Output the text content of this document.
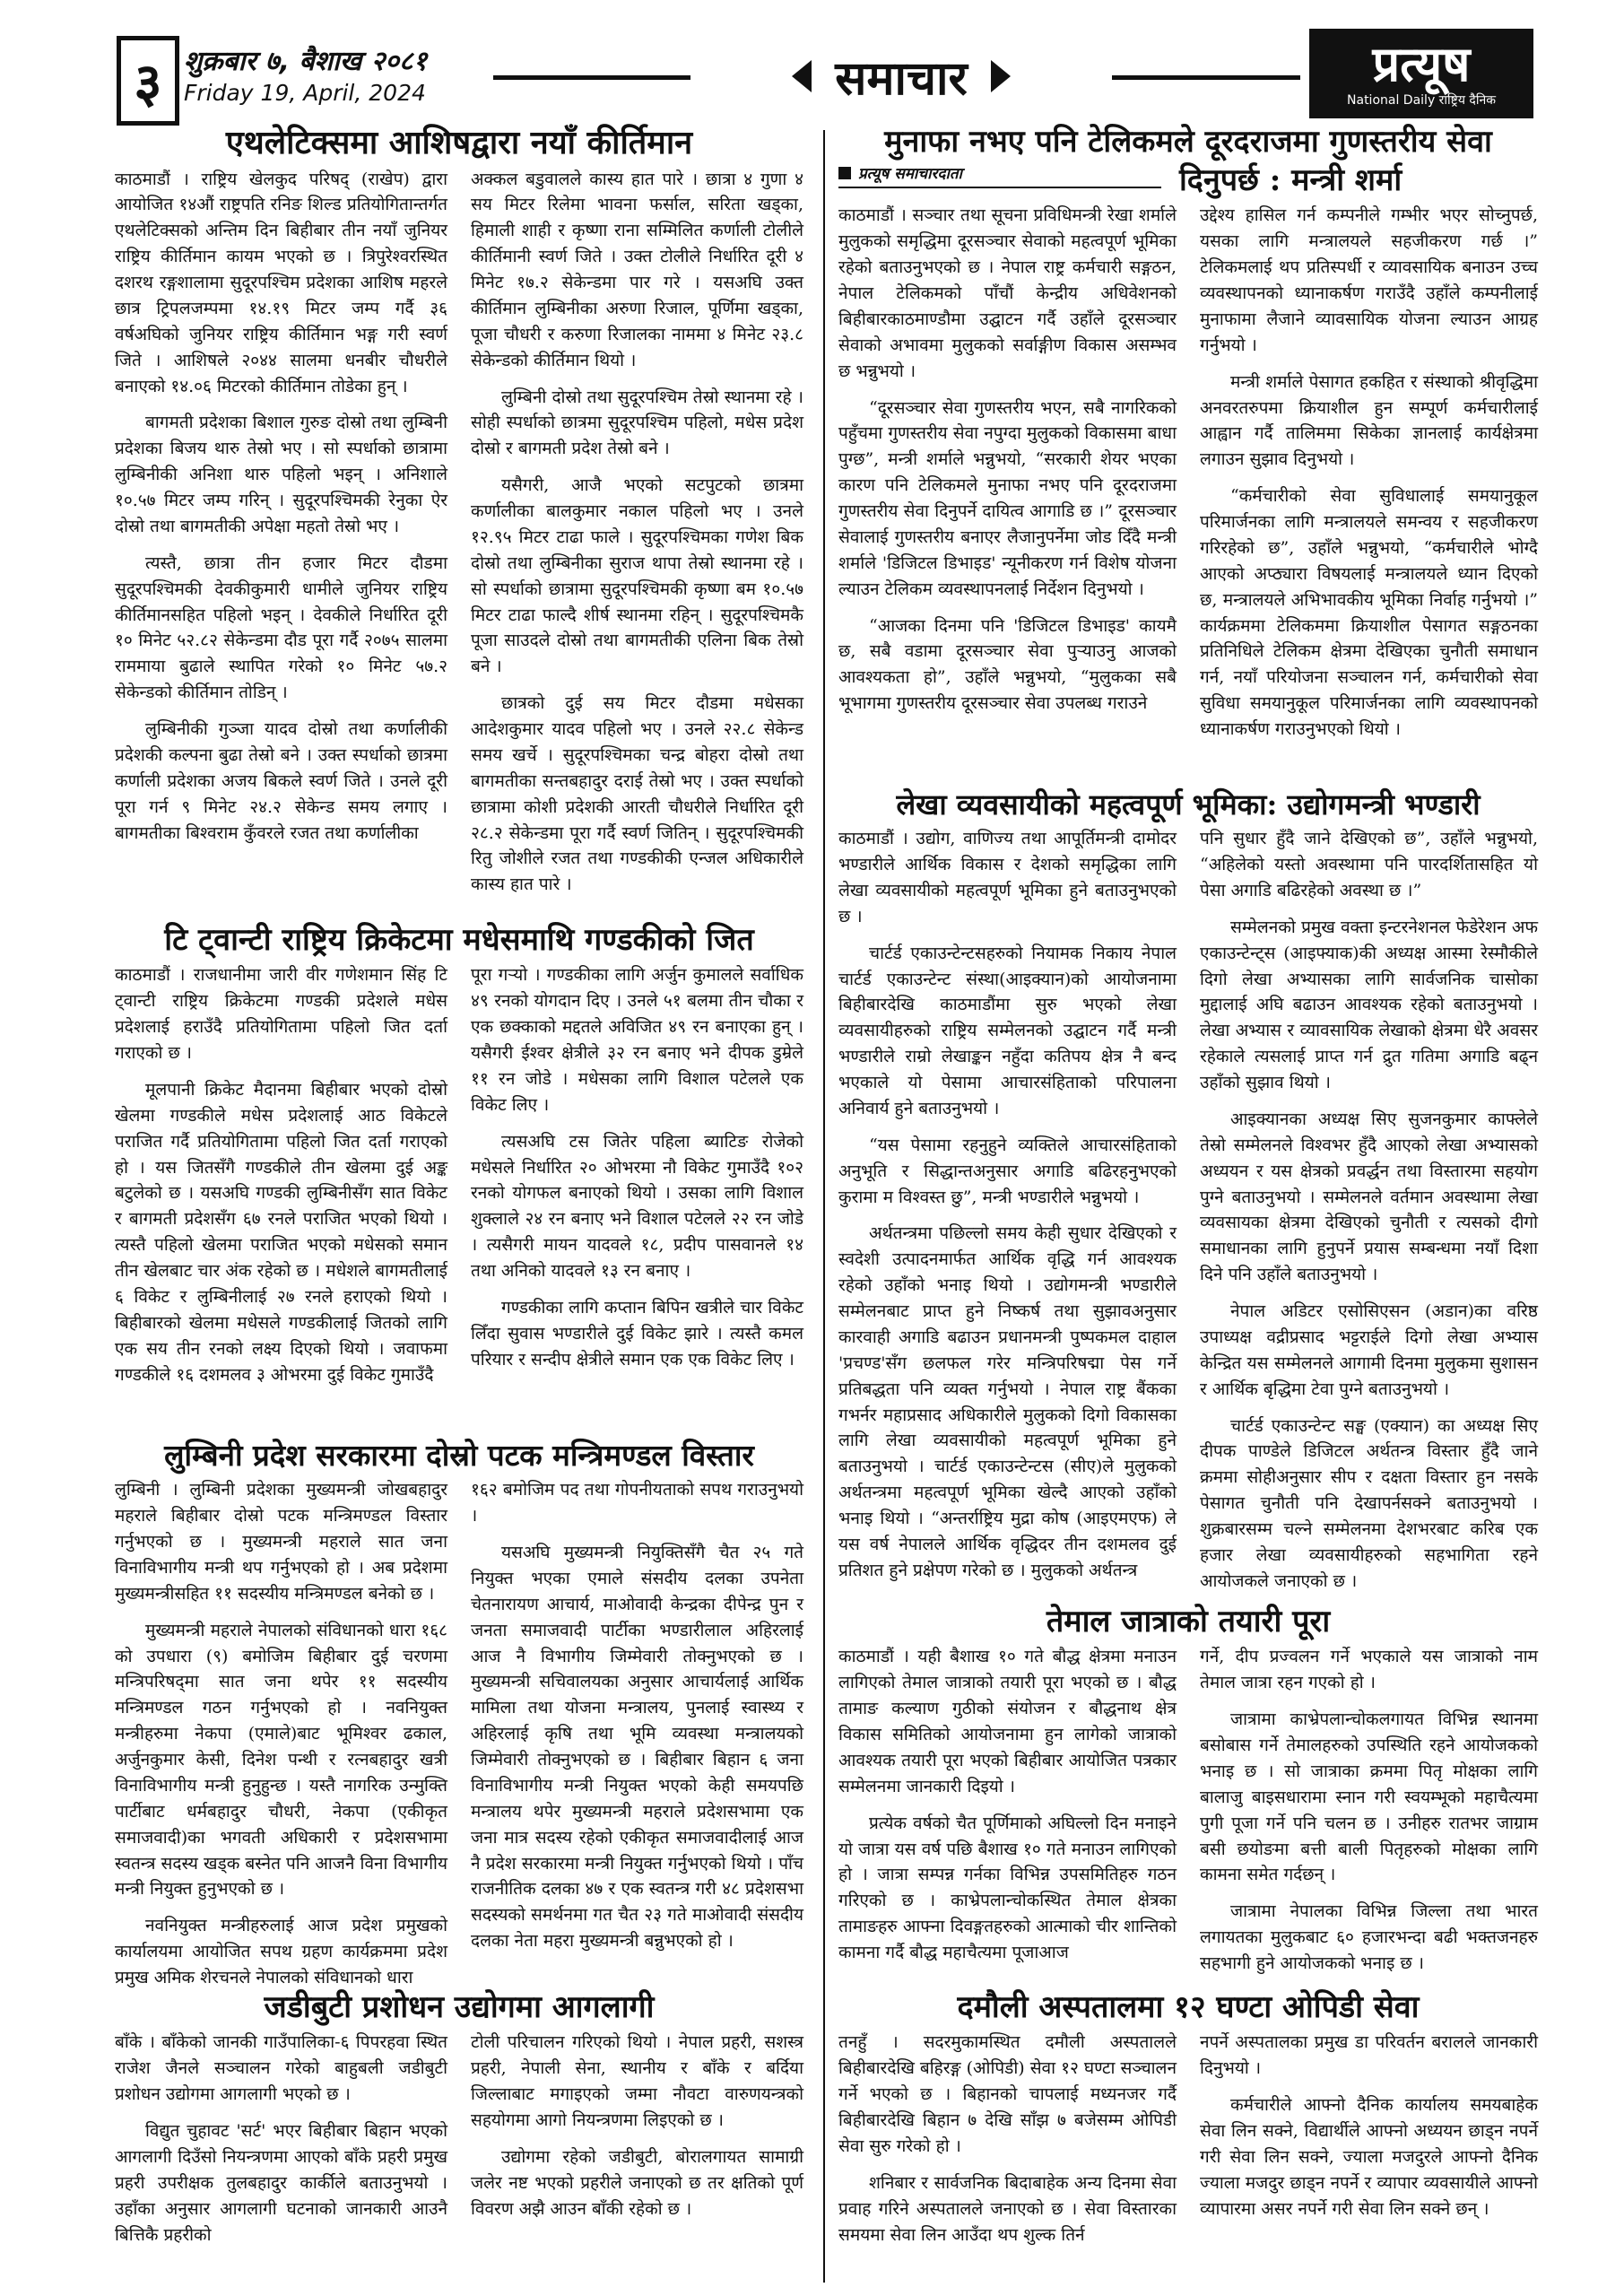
३ शुक्रबार ७, बैशाख २०८१
Friday 19, April, 2024	समाचार	प्रत्यूष
National Daily राष्ट्रिय दैनिक
एथलेटिक्समा आशिषद्वारा नयाँ कीर्तिमान

काठमाडौं । राष्ट्रिय खेलकुद परिषद् (राखेप) द्वारा आयोजित १४औं राष्ट्रपति रनिङ शिल्ड प्रतियोगितान्तर्गत एथलेटिक्सको अन्तिम दिन बिहीबार तीन नयाँ जुनियर राष्ट्रिय कीर्तिमान कायम भएको छ । त्रिपुरेश्वरस्थित दशरथ रङ्गशालामा सुदूरपश्चिम प्रदेशका आशिष महरले छात्र ट्रिपलजम्पमा १४.१९ मिटर जम्प गर्दै ३६ वर्षअघिको जुनियर राष्ट्रिय कीर्तिमान भङ्ग गरी स्वर्ण जिते । आशिषले २०४४ सालमा धनबीर चौधरीले बनाएको १४.०६ मिटरको कीर्तिमान तोडेका हुन् ।

बागमती प्रदेशका बिशाल गुरुङ दोस्रो तथा लुम्बिनी प्रदेशका बिजय थारु तेस्रो भए । सो स्पर्धाको छात्रामा लुम्बिनीकी अनिशा थारु पहिलो भइन् । अनिशाले १०.५७ मिटर जम्प गरिन् । सुदूरपश्चिमकी रेनुका ऐर दोस्रो तथा बागमतीकी अपेक्षा महतो तेस्रो भए ।

त्यस्तै, छात्रा तीन हजार मिटर दौडमा सुदूरपश्चिमकी देवकीकुमारी धामीले जुनियर राष्ट्रिय कीर्तिमानसहित पहिलो भइन् । देवकीले निर्धारित दूरी १० मिनेट ५२.८२ सेकेन्डमा दौड पूरा गर्दै २०७५ सालमा राममाया बुढाले स्थापित गरेको १० मिनेट ५७.२ सेकेन्डको कीर्तिमान तोडिन् ।

लुम्बिनीकी गुञ्जा यादव दोस्रो तथा कर्णालीकी प्रदेशकी कल्पना बुढा तेस्रो बने । उक्त स्पर्धाको छात्रमा कर्णाली प्रदेशका अजय बिकले स्वर्ण जिते । उनले दूरी पूरा गर्न ९ मिनेट २४.२ सेकेन्ड समय लगाए । बागमतीका बिश्वराम कुँवरले रजत तथा कर्णालीका

अक्कल बडुवालले कास्य हात पारे । छात्रा ४ गुणा ४ सय मिटर रिलेमा भावना फर्साल, सरिता खड्का, हिमाली शाही र कृष्णा राना सम्मिलित कर्णाली टोलीले कीर्तिमानी स्वर्ण जिते । उक्त टोलीले निर्धारित दूरी ४ मिनेट १७.२ सेकेन्डमा पार गरे । यसअघि उक्त कीर्तिमान लुम्बिनीका अरुणा रिजाल, पूर्णिमा खड्का, पूजा चौधरी र करुणा रिजालका नाममा ४ मिनेट २३.८ सेकेन्डको कीर्तिमान थियो ।

लुम्बिनी दोस्रो तथा सुदूरपश्चिम तेस्रो स्थानमा रहे । सोही स्पर्धाको छात्रमा सुदूरपश्चिम पहिलो, मधेस प्रदेश दोस्रो र बागमती प्रदेश तेस्रो बने ।

यसैगरी, आजै भएको सटपुटको छात्रमा कर्णालीका बालकुमार नकाल पहिलो भए । उनले १२.९५ मिटर टाढा फाले । सुदूरपश्चिमका गणेश बिक दोस्रो तथा लुम्बिनीका सुराज थापा तेस्रो स्थानमा रहे । सो स्पर्धाको छात्रामा सुदूरपश्चिमकी कृष्णा बम १०.५७ मिटर टाढा फाल्दै शीर्ष स्थानमा रहिन् । सुदूरपश्चिमकै पूजा साउदले दोस्रो तथा बागमतीकी एलिना बिक तेस्रो बने ।

छात्रको दुई सय मिटर दौडमा मधेसका आदेशकुमार यादव पहिलो भए । उनले २२.८ सेकेन्ड समय खर्चे । सुदूरपश्चिमका चन्द्र बोहरा दोस्रो तथा बागमतीका सन्तबहादुर दराई तेस्रो भए । उक्त स्पर्धाको छात्रामा कोशी प्रदेशकी आरती चौधरीले निर्धारित दूरी २८.२ सेकेन्डमा पूरा गर्दै स्वर्ण जितिन् । सुदूरपश्चिमकी रितु जोशीले रजत तथा गण्डकीकी एन्जल अधिकारीले कास्य हात पारे ।

टि ट्वान्टी राष्ट्रिय क्रिकेटमा मधेसमाथि गण्डकीको जित

काठमाडौं । राजधानीमा जारी वीर गणेशमान सिंह टि ट्वान्टी राष्ट्रिय क्रिकेटमा गण्डकी प्रदेशले मधेस प्रदेशलाई हराउँदै प्रतियोगितामा पहिलो जित दर्ता गराएको छ ।

मूलपानी क्रिकेट मैदानमा बिहीबार भएको दोस्रो खेलमा गण्डकीले मधेस प्रदेशलाई आठ विकेटले पराजित गर्दै प्रतियोगितामा पहिलो जित दर्ता गराएको हो । यस जितसँगै गण्डकीले तीन खेलमा दुई अङ्क बटुलेको छ । यसअघि गण्डकी लुम्बिनीसँग सात विकेट र बागमती प्रदेशसँग ६७ रनले पराजित भएको थियो । त्यस्तै पहिलो खेलमा पराजित भएको मधेसको समान तीन खेलबाट चार अंक रहेको छ । मधेशले बागमतीलाई ६ विकेट र लुम्बिनीलाई २७ रनले हराएको थियो । बिहीबारको खेलमा मधेसले गण्डकीलाई जितको लागि एक सय तीन रनको लक्ष्य दिएको थियो । जवाफमा गण्डकीले १६ दशमलव ३ ओभरमा दुई विकेट गुमाउँदै

पूरा गऱ्यो । गण्डकीका लागि अर्जुन कुमालले सर्वाधिक ४९ रनको योगदान दिए । उनले ५१ बलमा तीन चौका र एक छक्काको मद्दतले अविजित ४९ रन बनाएका हुन् । यसैगरी ईश्वर क्षेत्रीले ३२ रन बनाए भने दीपक डुम्रेले ११ रन जोडे । मधेसका लागि विशाल पटेलले एक विकेट लिए ।

त्यसअघि टस जितेर पहिला ब्याटिङ रोजेको मधेसले निर्धारित २० ओभरमा नौ विकेट गुमाउँदै १०२ रनको योगफल बनाएको थियो । उसका लागि विशाल शुक्लाले २४ रन बनाए भने विशाल पटेलले २२ रन जोडे । त्यसैगरी मायन यादवले १८, प्रदीप पासवानले १४ तथा अनिको यादवले १३ रन बनाए ।

गण्डकीका लागि कप्तान बिपिन खत्रीले चार विकेट लिँदा सुवास भण्डारीले दुई विकेट झारे । त्यस्तै कमल परियार र सन्दीप क्षेत्रीले समान एक एक विकेट लिए ।

लुम्बिनी प्रदेश सरकारमा दोस्रो पटक मन्त्रिमण्डल विस्तार

लुम्बिनी । लुम्बिनी प्रदेशका मुख्यमन्त्री जोखबहादुर महराले बिहीबार दोस्रो पटक मन्त्रिमण्डल विस्तार गर्नुभएको छ । मुख्यमन्त्री महराले सात जना विनाविभागीय मन्त्री थप गर्नुभएको हो । अब प्रदेशमा मुख्यमन्त्रीसहित ११ सदस्यीय मन्त्रिमण्डल बनेको छ ।

मुख्यमन्त्री महराले नेपालको संविधानको धारा १६८ को उपधारा (९) बमोजिम बिहीबार दुई चरणमा मन्त्रिपरिषद्‌मा सात जना थपेर ११ सदस्यीय मन्त्रिमण्डल गठन गर्नुभएको हो । नवनियुक्त मन्त्रीहरुमा नेकपा (एमाले)बाट भूमिश्वर ढकाल, अर्जुनकुमार केसी, दिनेश पन्थी र रत्नबहादुर खत्री विनाविभागीय मन्त्री हुनुहुन्छ । यस्तै नागरिक उन्मुक्ति पार्टीबाट धर्मबहादुर चौधरी, नेकपा (एकीकृत समाजवादी)का भगवती अधिकारी र प्रदेशसभामा स्वतन्त्र सदस्य खड्क बस्नेत पनि आजनै विना विभागीय मन्त्री नियुक्त हुनुभएको छ ।

नवनियुक्त मन्त्रीहरुलाई आज प्रदेश प्रमुखको कार्यालयमा आयोजित सपथ ग्रहण कार्यक्रममा प्रदेश प्रमुख अमिक शेरचनले नेपालको संविधानको धारा

१६२ बमोजिम पद तथा गोपनीयताको सपथ गराउनुभयो ।

यसअघि मुख्यमन्त्री नियुक्तिसँगै चैत २५ गते नियुक्त भएका एमाले संसदीय दलका उपनेता चेतनारायण आचार्य, माओवादी केन्द्रका दीपेन्द्र पुन र जनता समाजवादी पार्टीका भण्डारीलाल अहिरलाई आज नै विभागीय जिम्मेवारी तोक्नुभएको छ । मुख्यमन्त्री सचिवालयका अनुसार आचार्यलाई आर्थिक मामिला तथा योजना मन्त्रालय, पुनलाई स्वास्थ्य र अहिरलाई कृषि तथा भूमि व्यवस्था मन्त्रालयको जिम्मेवारी तोक्नुभएको छ । बिहीबार बिहान ६ जना विनाविभागीय मन्त्री नियुक्त भएको केही समयपछि मन्त्रालय थपेर मुख्यमन्त्री महराले प्रदेशसभामा एक जना मात्र सदस्य रहेको एकीकृत समाजवादीलाई आज नै प्रदेश सरकारमा मन्त्री नियुक्त गर्नुभएको थियो । पाँच राजनीतिक दलका ४७ र एक स्वतन्त्र गरी ४८ प्रदेशसभा सदस्यको समर्थनमा गत चैत २३ गते माओवादी संसदीय दलका नेता महरा मुख्यमन्त्री बन्नुभएको हो ।

जडीबुटी प्रशोधन उद्योगमा आगलागी

बाँके । बाँकेको जानकी गाउँपालिका-६ पिपरहवा स्थित राजेश जैनले सञ्चालन गरेको बाहुबली जडीबुटी प्रशोधन उद्योगमा आगलागी भएको छ ।

विद्युत चुहावट 'सर्ट' भएर बिहीबार बिहान भएको आगलागी दिउँसो नियन्त्रणमा आएको बाँके प्रहरी प्रमुख प्रहरी उपरीक्षक तुलबहादुर कार्कीले बताउनुभयो । उहाँका अनुसार आगलागी घटनाको जानकारी आउनै बित्तिकै प्रहरीको

टोली परिचालन गरिएको थियो । नेपाल प्रहरी, सशस्त्र प्रहरी, नेपाली सेना, स्थानीय र बाँके र बर्दिया जिल्लाबाट मगाइएको जम्मा नौवटा वारुणयन्त्रको सहयोगमा आगो नियन्त्रणमा लिइएको छ ।

उद्योगमा रहेको जडीबुटी, बोरालगायत सामाग्री जलेर नष्ट भएको प्रहरीले जनाएको छ तर क्षतिको पूर्ण विवरण अझै आउन बाँकी रहेको छ ।

मुनाफा नभए पनि टेलिकमले दूरदराजमा गुणस्तरीय सेवा
प्रत्यूष समाचारदाता	दिनुपर्छ : मन्त्री शर्मा

काठमाडौं । सञ्चार तथा सूचना प्रविधिमन्त्री रेखा शर्माले मुलुकको समृद्धिमा दूरसञ्चार सेवाको महत्वपूर्ण भूमिका रहेको बताउनुभएको छ । नेपाल राष्ट्र कर्मचारी सङ्गठन, नेपाल टेलिकमको पाँचौं केन्द्रीय अधिवेशनको बिहीबारकाठमाण्डौमा उद्घाटन गर्दै उहाँले दूरसञ्चार सेवाको अभावमा मुलुकको सर्वाङ्गीण विकास असम्भव छ भन्नुभयो ।

“दूरसञ्चार सेवा गुणस्तरीय भएन, सबै नागरिकको पहुँचमा गुणस्तरीय सेवा नपुग्दा मुलुकको विकासमा बाधा पुग्छ”, मन्त्री शर्माले भन्नुभयो, “सरकारी शेयर भएका कारण पनि टेलिकमले मुनाफा नभए पनि दूरदराजमा गुणस्तरीय सेवा दिनुपर्ने दायित्व आगाडि छ ।” दूरसञ्चार सेवालाई गुणस्तरीय बनाएर लैजानुपर्नेमा जोड दिँदै मन्त्री शर्माले 'डिजिटल डिभाइड' न्यूनीकरण गर्न विशेष योजना ल्याउन टेलिकम व्यवस्थापनलाई निर्देशन दिनुभयो ।

“आजका दिनमा पनि 'डिजिटल डिभाइड' कायमै छ, सबै वडामा दूरसञ्चार सेवा पुऱ्याउनु आजको आवश्यकता हो”, उहाँले भन्नुभयो, “मुलुकका सबै भूभागमा गुणस्तरीय दूरसञ्चार सेवा उपलब्ध गराउने

उद्देश्य हासिल गर्न कम्पनीले गम्भीर भएर सोच्नुपर्छ, यसका लागि मन्त्रालयले सहजीकरण गर्छ ।” टेलिकमलाई थप प्रतिस्पर्धी र व्यावसायिक बनाउन उच्च व्यवस्थापनको ध्यानाकर्षण गराउँदै उहाँले कम्पनीलाई मुनाफामा लैजाने व्यावसायिक योजना ल्याउन आग्रह गर्नुभयो ।

मन्त्री शर्माले पेसागत हकहित र संस्थाको श्रीवृद्धिमा अनवरतरुपमा क्रियाशील हुन सम्पूर्ण कर्मचारीलाई आह्वान गर्दै तालिममा सिकेका ज्ञानलाई कार्यक्षेत्रमा लगाउन सुझाव दिनुभयो ।

“कर्मचारीको सेवा सुविधालाई समयानुकूल परिमार्जनका लागि मन्त्रालयले समन्वय र सहजीकरण गरिरहेको छ”, उहाँले भन्नुभयो, “कर्मचारीले भोग्दै आएको अप्ठ्यारा विषयलाई मन्त्रालयले ध्यान दिएको छ, मन्त्रालयले अभिभावकीय भूमिका निर्वाह गर्नुभयो ।” कार्यक्रममा टेलिकममा क्रियाशील पेसागत सङ्गठनका प्रतिनिधिले टेलिकम क्षेत्रमा देखिएका चुनौती समाधान गर्न, नयाँ परियोजना सञ्चालन गर्न, कर्मचारीको सेवा सुविधा समयानुकूल परिमार्जनका लागि व्यवस्थापनको ध्यानाकर्षण गराउनुभएको थियो ।

लेखा व्यवसायीको महत्वपूर्ण भूमिका: उद्योगमन्त्री भण्डारी

काठमाडौं । उद्योग, वाणिज्य तथा आपूर्तिमन्त्री दामोदर भण्डारीले आर्थिक विकास र देशको समृद्धिका लागि लेखा व्यवसायीको महत्वपूर्ण भूमिका हुने बताउनुभएको छ ।

चार्टर्ड एकाउन्टेन्टसहरुको नियामक निकाय नेपाल चार्टर्ड एकाउन्टेन्ट संस्था(आइक्यान)को आयोजनामा बिहीबारदेखि काठमाडौंमा सुरु भएको लेखा व्यवसायीहरुको राष्ट्रिय सम्मेलनको उद्घाटन गर्दै मन्त्री भण्डारीले राम्रो लेखाङ्कन नहुँदा कतिपय क्षेत्र नै बन्द भएकाले यो पेसामा आचारसंहिताको परिपालना अनिवार्य हुने बताउनुभयो ।

“यस पेसामा रहनुहुने व्यक्तिले आचारसंहिताको अनुभूति र सिद्धान्तअनुसार अगाडि बढिरहनुभएको कुरामा म विश्वस्त छु”, मन्त्री भण्डारीले भन्नुभयो ।

अर्थतन्त्रमा पछिल्लो समय केही सुधार देखिएको र स्वदेशी उत्पादनमार्फत आर्थिक वृद्धि गर्न आवश्यक रहेको उहाँको भनाइ थियो । उद्योगमन्त्री भण्डारीले सम्मेलनबाट प्राप्त हुने निष्कर्ष तथा सुझावअनुसार कारवाही अगाडि बढाउन प्रधानमन्त्री पुष्पकमल दाहाल 'प्रचण्ड'सँग छलफल गरेर मन्त्रिपरिषद्मा पेस गर्ने प्रतिबद्धता पनि व्यक्त गर्नुभयो । नेपाल राष्ट्र बैंकका गभर्नर महाप्रसाद अधिकारीले मुलुकको दिगो विकासका लागि लेखा व्यवसायीको महत्वपूर्ण भूमिका हुने बताउनुभयो । चार्टर्ड एकाउन्टेन्टस (सीए)ले मुलुकको अर्थतन्त्रमा महत्वपूर्ण भूमिका खेल्दै आएको उहाँको भनाइ थियो । “अन्तर्राष्ट्रिय मुद्रा कोष (आइएमएफ) ले यस वर्ष नेपालले आर्थिक वृद्धिदर तीन दशमलव दुई प्रतिशत हुने प्रक्षेपण गरेको छ । मुलुकको अर्थतन्त्र

पनि सुधार हुँदै जाने देखिएको छ”, उहाँले भन्नुभयो, “अहिलेको यस्तो अवस्थामा पनि पारदर्शितासहित यो पेसा अगाडि बढिरहेको अवस्था छ ।”

सम्मेलनको प्रमुख वक्ता इन्टरनेशनल फेडेरेशन अफ एकाउन्टेन्ट्स (आइफ्याक)की अध्यक्ष आस्मा रेस्मौकीले दिगो लेखा अभ्यासका लागि सार्वजनिक चासोका मुद्दालाई अघि बढाउन आवश्यक रहेको बताउनुभयो । लेखा अभ्यास र व्यावसायिक लेखाको क्षेत्रमा धेरै अवसर रहेकाले त्यसलाई प्राप्त गर्न द्रुत गतिमा अगाडि बढ्न उहाँको सुझाव थियो ।

आइक्यानका अध्यक्ष सिए सुजनकुमार काफ्लेले तेस्रो सम्मेलनले विश्वभर हुँदै आएको लेखा अभ्यासको अध्ययन र यस क्षेत्रको प्रवर्द्धन तथा विस्तारमा सहयोग पुग्ने बताउनुभयो । सम्मेलनले वर्तमान अवस्थामा लेखा व्यवसायका क्षेत्रमा देखिएको चुनौती र त्यसको दीगो समाधानका लागि हुनुपर्ने प्रयास सम्बन्धमा नयाँ दिशा दिने पनि उहाँले बताउनुभयो ।

नेपाल अडिटर एसोसिएसन (अडान)का वरिष्ठ उपाध्यक्ष वद्रीप्रसाद भट्टराईले दिगो लेखा अभ्यास केन्द्रित यस सम्मेलनले आगामी दिनमा मुलुकमा सुशासन र आर्थिक बृद्धिमा टेवा पुग्ने बताउनुभयो ।

चार्टर्ड एकाउन्टेन्ट सङ्घ (एक्यान) का अध्यक्ष सिए दीपक पाण्डेले डिजिटल अर्थतन्त्र विस्तार हुँदै जाने क्रममा सोहीअनुसार सीप र दक्षता विस्तार हुन नसके पेसागत चुनौती पनि देखापर्नसक्ने बताउनुभयो । शुक्रबारसम्म चल्ने सम्मेलनमा देशभरबाट करिब एक हजार लेखा व्यवसायीहरुको सहभागिता रहने आयोजकले जनाएको छ ।

तेमाल जात्राको तयारी पूरा

काठमाडौं । यही बैशाख १० गते बौद्ध क्षेत्रमा मनाउन लागिएको तेमाल जात्राको तयारी पूरा भएको छ । बौद्ध तामाङ कल्याण गुठीको संयोजन र बौद्धनाथ क्षेत्र विकास समितिको आयोजनामा हुन लागेको जात्राको आवश्यक तयारी पूरा भएको बिहीबार आयोजित पत्रकार सम्मेलनमा जानकारी दिइयो ।

प्रत्येक वर्षको चैत पूर्णिमाको अघिल्लो दिन मनाइने यो जात्रा यस वर्ष पछि बैशाख १० गते मनाउन लागिएको हो । जात्रा सम्पन्न गर्नका विभिन्न उपसमितिहरु गठन गरिएको छ । काभ्रेपलान्चोकस्थित तेमाल क्षेत्रका तामाङहरु आफ्ना दिवङ्गतहरुको आत्माको चीर शान्तिको कामना गर्दै बौद्ध महाचैत्यमा पूजाआज

गर्ने, दीप प्रज्वलन गर्ने भएकाले यस जात्राको नाम तेमाल जात्रा रहन गएको हो ।

जात्रामा काभ्रेपलान्चोकलगायत विभिन्न स्थानमा बसोबास गर्ने तेमालहरुको उपस्थिति रहने आयोजकको भनाइ छ । सो जात्राका क्रममा पितृ मोक्षका लागि बालाजु बाइसधारामा स्नान गरी स्वयम्भूको महाचैत्यमा पुगी पूजा गर्ने पनि चलन छ । उनीहरु रातभर जाग्राम बसी छयोङमा बत्ती बाली पितृहरुको मोक्षका लागि कामना समेत गर्दछन् ।

जात्रामा नेपालका विभिन्न जिल्ला तथा भारत लगायतका मुलुकबाट ६० हजारभन्दा बढी भक्तजनहरु सहभागी हुने आयोजकको भनाइ छ ।

दमौली अस्पतालमा १२ घण्टा ओपिडी सेवा

तनहुँ । सदरमुकामस्थित दमौली अस्पतालले बिहीबारदेखि बहिरङ्ग (ओपिडी) सेवा १२ घण्टा सञ्चालन गर्ने भएको छ । बिहानको चापलाई मध्यनजर गर्दै बिहीबारदेखि बिहान ७ देखि साँझ ७ बजेसम्म ओपिडी सेवा सुरु गरेको हो ।

शनिबार र सार्वजनिक बिदाबाहेक अन्य दिनमा सेवा प्रवाह गरिने अस्पतालले जनाएको छ । सेवा विस्तारका समयमा सेवा लिन आउँदा थप शुल्क तिर्न

नपर्ने अस्पतालका प्रमुख डा परिवर्तन बरालले जानकारी दिनुभयो ।

कर्मचारीले आफ्नो दैनिक कार्यालय समयबाहेक सेवा लिन सक्ने, विद्यार्थीले आफ्नो अध्ययन छाड्न नपर्ने गरी सेवा लिन सक्ने, ज्याला मजदुरले आफ्नो दैनिक ज्याला मजदुर छाड्न नपर्ने र व्यापार व्यवसायीले आफ्नो व्यापारमा असर नपर्ने गरी सेवा लिन सक्ने छन् ।
